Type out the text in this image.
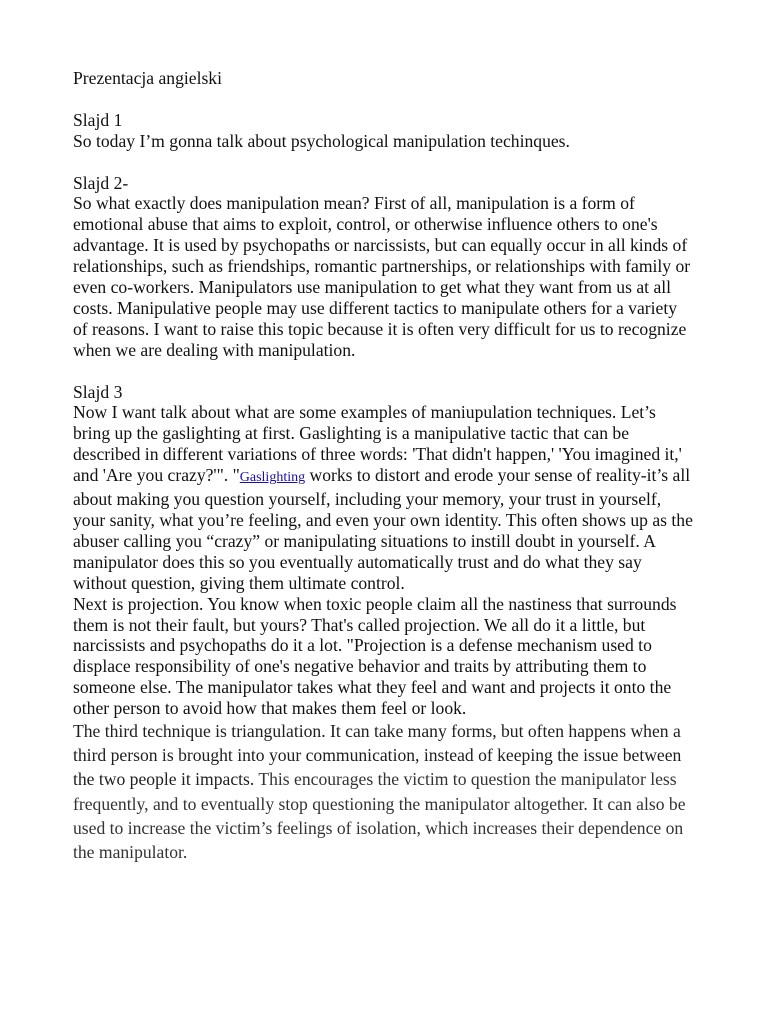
Prezentacja angielski

Slajd 1

So today I’m gonna talk about psychological manipulation techinques.

Slajd 2-

So what exactly does manipulation mean? First of all, manipulation is a form of emotional abuse that aims to exploit, control, or otherwise influence others to one's advantage. It is used by psychopaths or narcissists, but can equally occur in all kinds of relationships, such as friendships, romantic partnerships, or relationships with family or even co-workers. Manipulators use manipulation to get what they want from us at all costs. Manipulative people may use different tactics to manipulate others for a variety of reasons. I want to raise this topic because it is often very difficult for us to recognize when we are dealing with manipulation.

Slajd 3

Now I want talk about what are some examples of maniupulation techniques. Let’s bring up the gaslighting at first. Gaslighting is a manipulative tactic that can be described in different variations of three words: 'That didn't happen,' 'You imagined it,' and 'Are you crazy?'". "Gaslighting works to distort and erode your sense of reality-it’s all about making you question yourself, including your memory, your trust in yourself, your sanity, what you’re feeling, and even your own identity. This often shows up as the abuser calling you “crazy” or manipulating situations to instill doubt in yourself. A manipulator does this so you eventually automatically trust and do what they say without question, giving them ultimate control.

Next is projection. You know when toxic people claim all the nastiness that surrounds them is not their fault, but yours? That's called projection. We all do it a little, but narcissists and psychopaths do it a lot. "Projection is a defense mechanism used to displace responsibility of one's negative behavior and traits by attributing them to someone else. The manipulator takes what they feel and want and projects it onto the other person to avoid how that makes them feel or look.

The third technique is triangulation. It can take many forms, but often happens when a third person is brought into your communication, instead of keeping the issue between the two people it impacts. This encourages the victim to question the manipulator less frequently, and to eventually stop questioning the manipulator altogether. It can also be used to increase the victim’s feelings of isolation, which increases their dependence on the manipulator.
